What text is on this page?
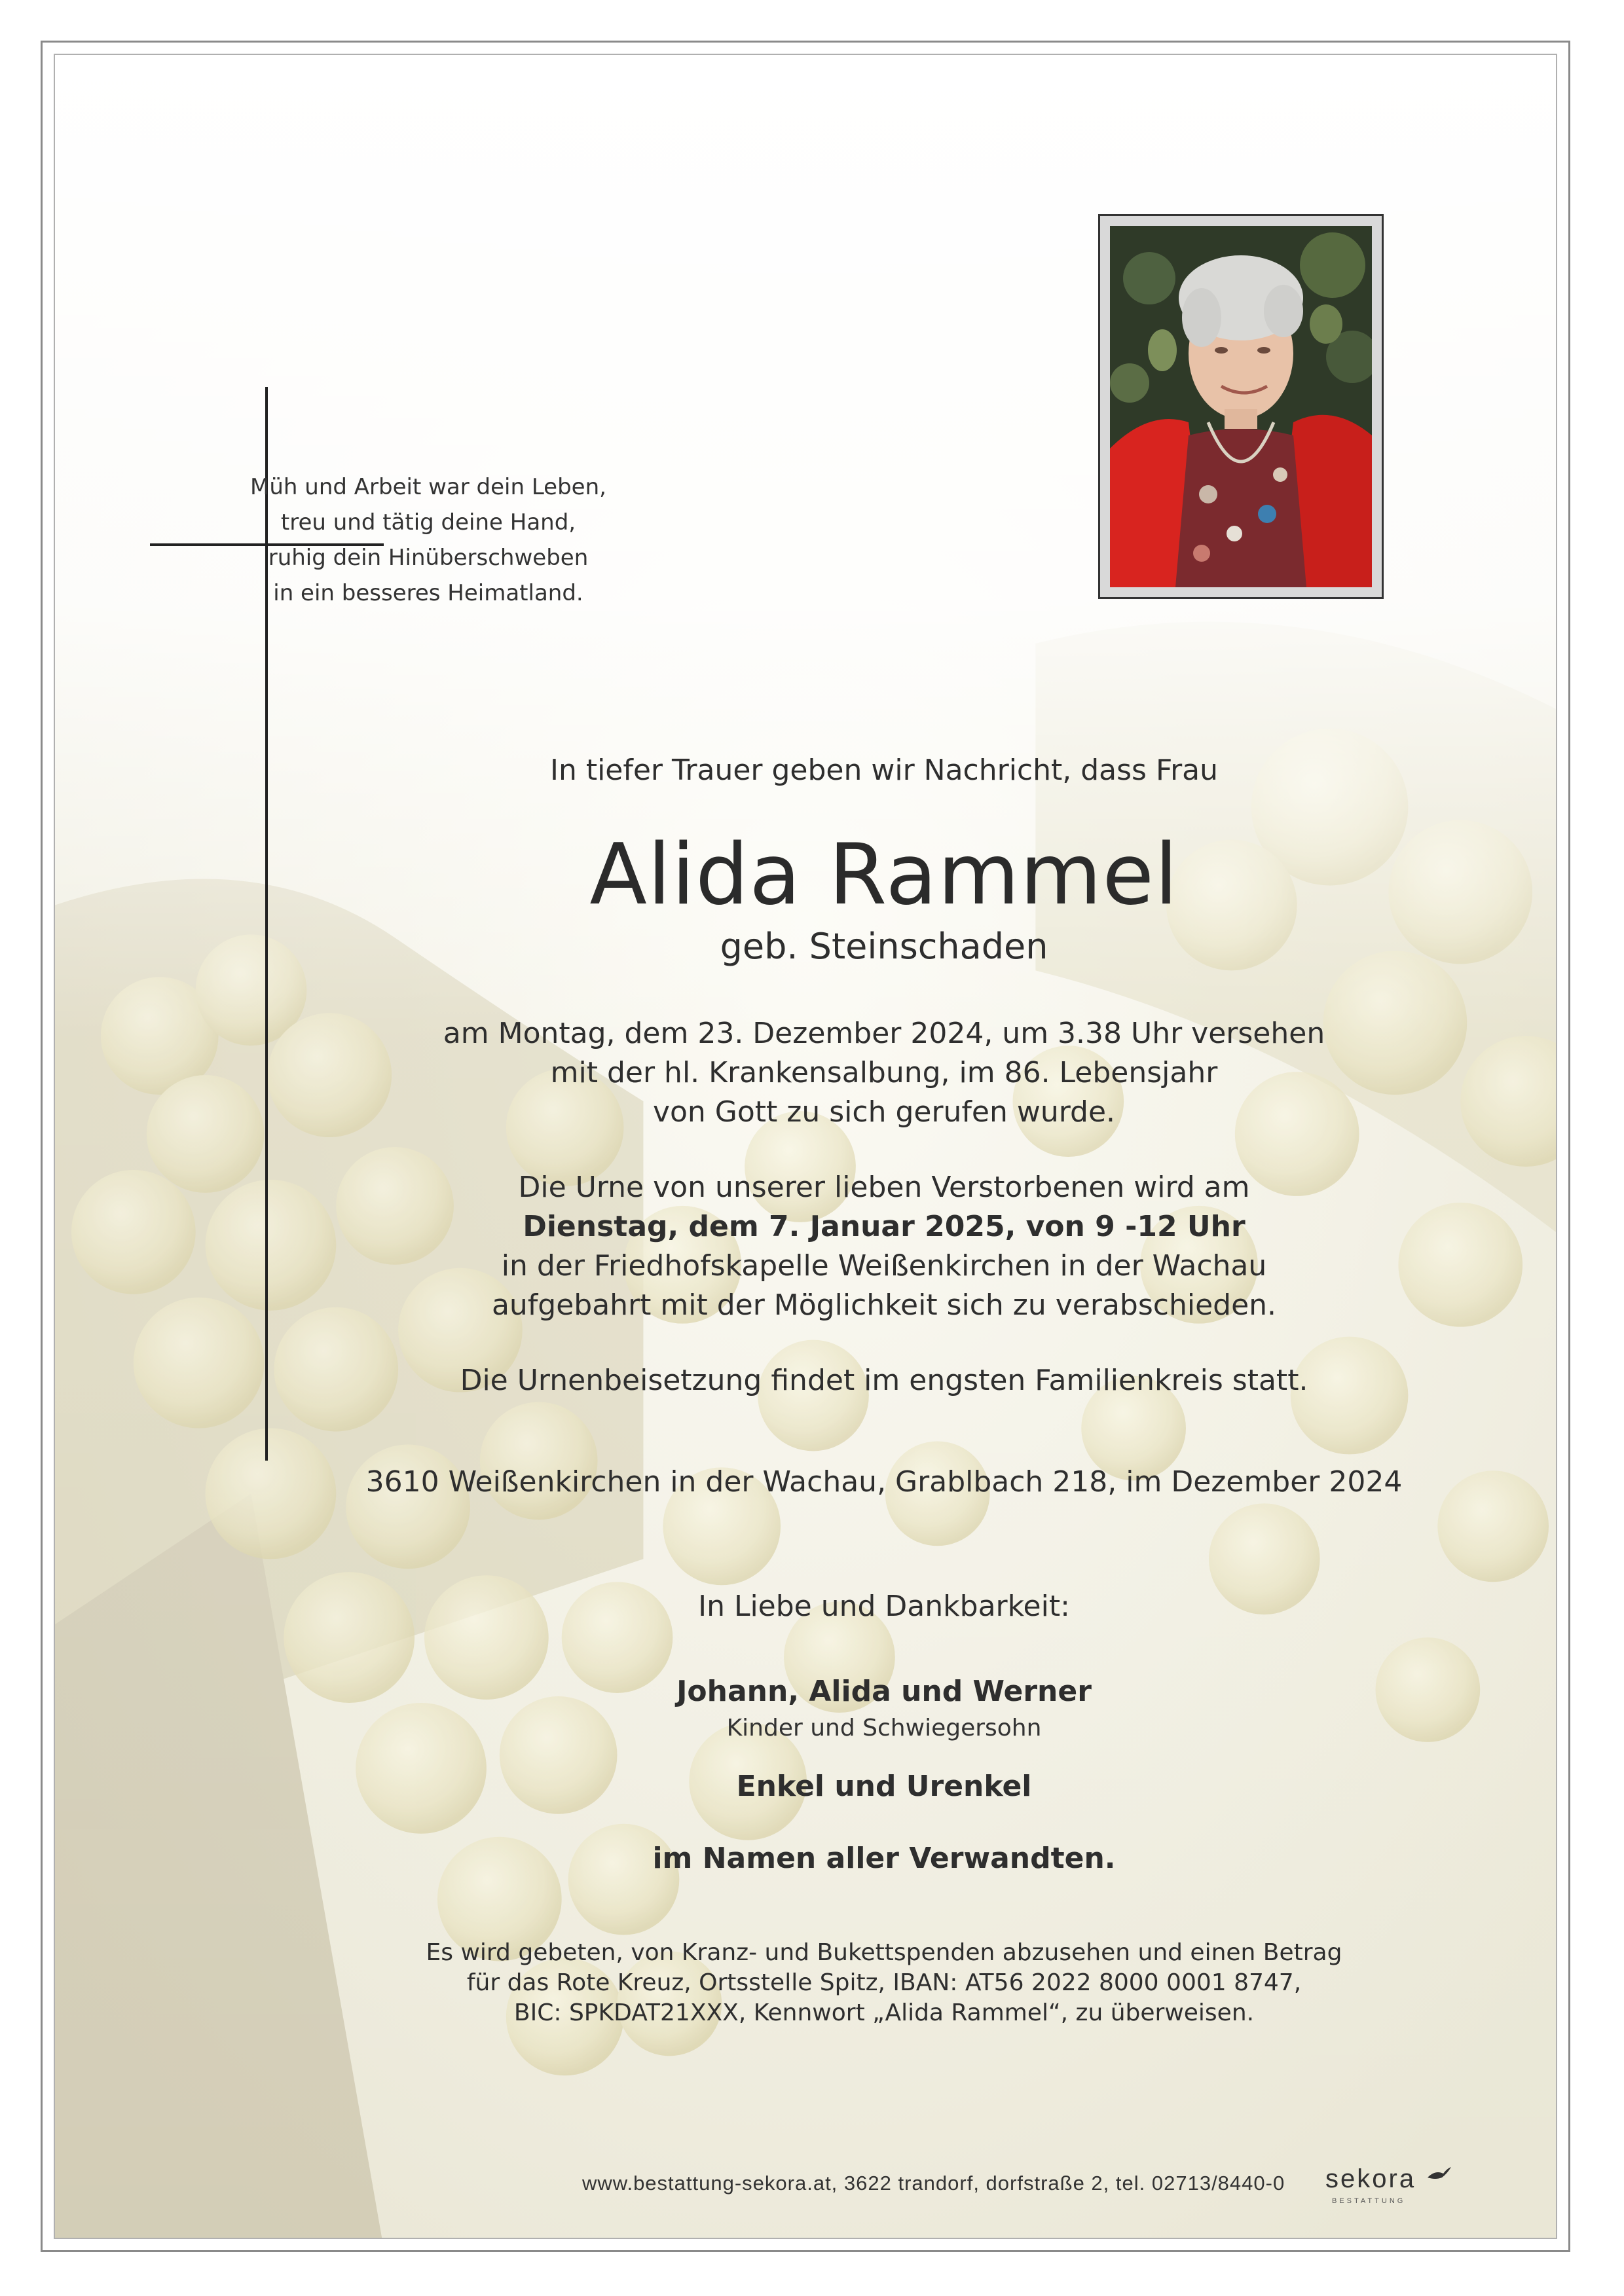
Müh und Arbeit war dein Leben,
treu und tätig deine Hand,
ruhig dein Hinüberschweben
in ein besseres Heimatland.
In tiefer Trauer geben wir Nachricht, dass Frau
Alida Rammel
geb. Steinschaden
am Montag, dem 23. Dezember 2024, um 3.38 Uhr versehen
mit der hl. Krankensalbung, im 86. Lebensjahr
von Gott zu sich gerufen wurde.
Die Urne von unserer lieben Verstorbenen wird am
Dienstag, dem 7. Januar 2025, von 9 -12 Uhr
in der Friedhofskapelle Weißenkirchen in der Wachau
aufgebahrt mit der Möglichkeit sich zu verabschieden.
Die Urnenbeisetzung findet im engsten Familienkreis statt.
3610 Weißenkirchen in der Wachau, Grablbach 218, im Dezember 2024
In Liebe und Dankbarkeit:
Johann, Alida und Werner
Kinder und Schwiegersohn
Enkel und Urenkel
im Namen aller Verwandten.
Es wird gebeten, von Kranz- und Bukettspenden abzusehen und einen Betrag
für das Rote Kreuz, Ortsstelle Spitz, IBAN: AT56 2022 8000 0001 8747,
BIC: SPKDAT21XXX, Kennwort „Alida Rammel“, zu überweisen.
www.bestattung-sekora.at, 3622 trandorf, dorfstraße 2, tel. 02713/8440-0 sekora
BESTATTUNG
